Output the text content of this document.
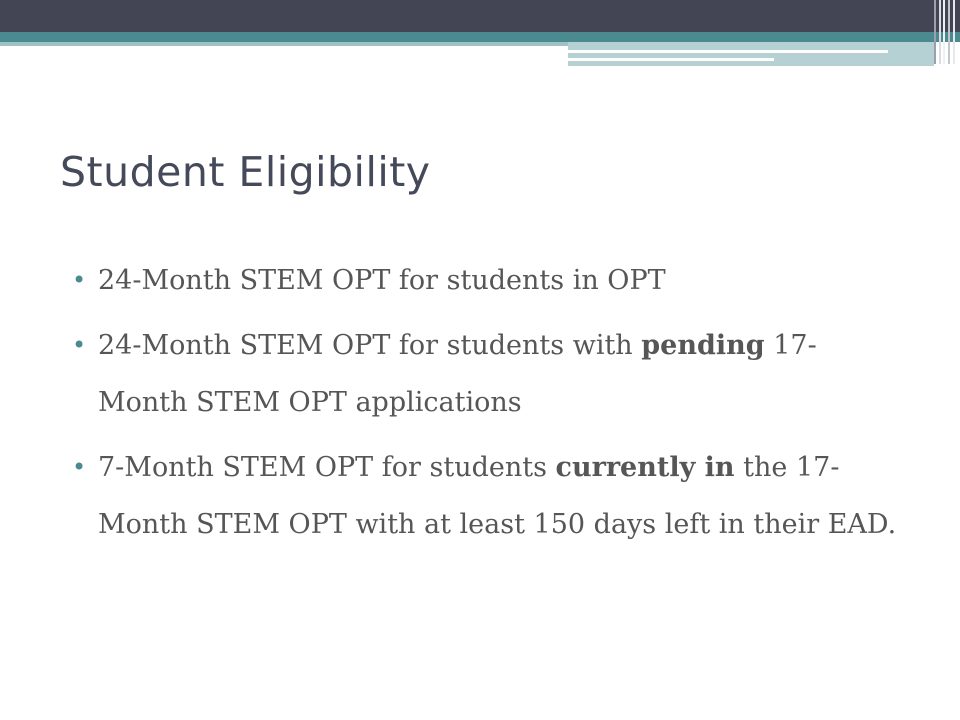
Student Eligibility
• 24-Month STEM OPT for students in OPT
• 24-Month STEM OPT for students with pending 17-Month STEM OPT applications
• 7-Month STEM OPT for students currently in the 17-Month STEM OPT with at least 150 days left in their EAD.
